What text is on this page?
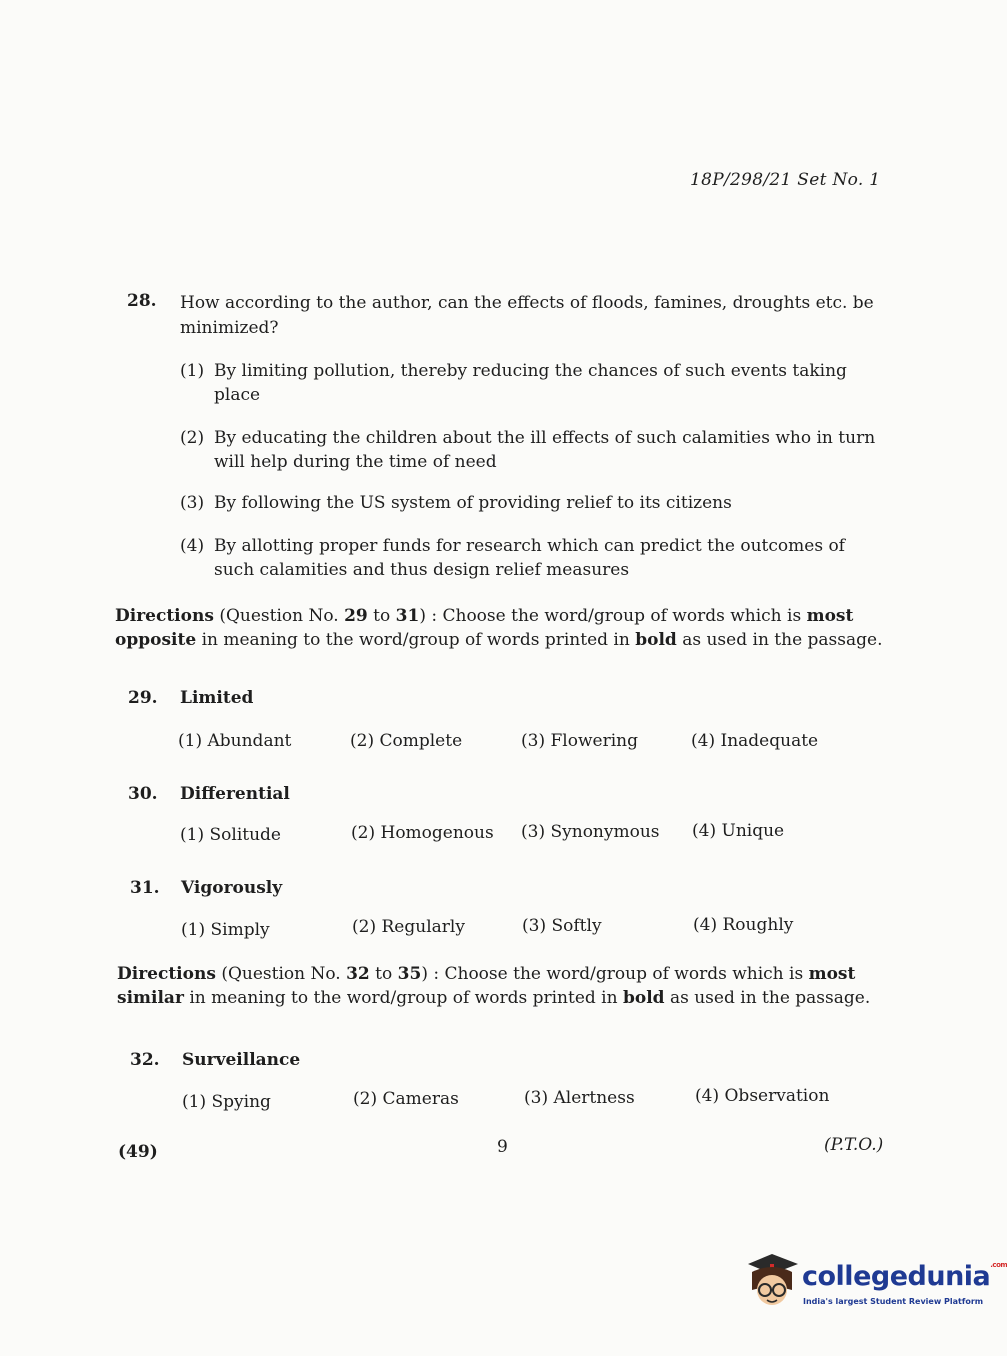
18P/298/21 Set No. 1
28. How according to the author, can the effects of floods, famines, droughts etc. be minimized?
(1) By limiting pollution, thereby reducing the chances of such events taking place
(2) By educating the children about the ill effects of such calamities who in turn will help during the time of need
(3) By following the US system of providing relief to its citizens
(4) By allotting proper funds for research which can predict the outcomes of such calamities and thus design relief measures
Directions (Question No. 29 to 31) : Choose the word/group of words which is most opposite in meaning to the word/group of words printed in bold as used in the passage.
29. Limited
(1) Abundant	(2) Complete	(3) Flowering	(4) Inadequate
30. Differential
(1) Solitude	(2) Homogenous (3) Synonymous (4) Unique
31. Vigorously
(1) Simply	(2) Regularly	(3) Softly	(4) Roughly
Directions (Question No. 32 to 35) : Choose the word/group of words which is most similar in meaning to the word/group of words printed in bold as used in the passage.
32. Surveillance
(1) Spying	(2) Cameras	(3) Alertness	(4) Observation
(49)	9	(P.T.O.)
collegedunia$^{.com}$
India's largest Student Review Platform
